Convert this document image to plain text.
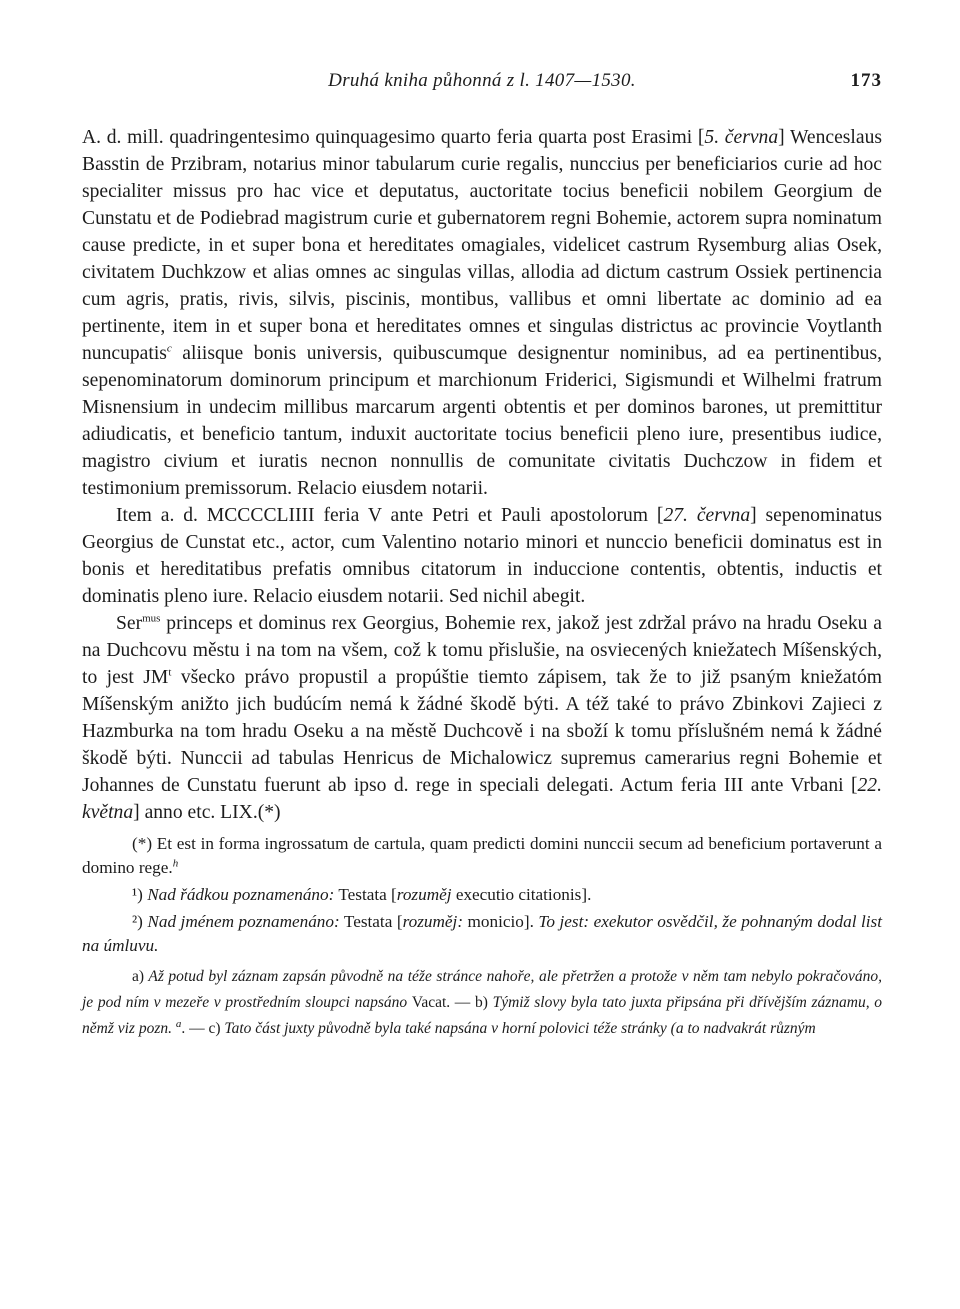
Druhá kniha půhonná z l. 1407—1530.	173

A. d. mill. quadringentesimo quinquagesimo quarto feria quarta post Erasimi [5. června] Wenceslaus Basstin de Przibram, notarius minor tabularum curie regalis, nunccius per beneficiarios curie ad hoc specialiter missus pro hac vice et deputatus, auctoritate tocius beneficii nobilem Georgium de Cunstatu et de Podiebrad magistrum curie et gubernatorem regni Bohemie, actorem supra nominatum cause predicte, in et super bona et hereditates omagiales, videlicet castrum Rysemburg alias Osek, civitatem Duchkzow et alias omnes ac singulas villas, allodia ad dictum castrum Ossiek pertinencia cum agris, pratis, rivis, silvis, piscinis, montibus, vallibus et omni libertate ac dominio ad ea pertinente, item in et super bona et hereditates omnes et singulas districtus ac provincie Voytlanth nuncupatis$^c$ aliisque bonis universis, quibuscumque designentur nominibus, ad ea pertinentibus, sepenominatorum dominorum principum et marchionum Friderici, Sigismundi et Wilhelmi fratrum Misnensium in undecim millibus marcarum argenti obtentis et per dominos barones, ut premittitur adiudicatis, et beneficio tantum, induxit auctoritate tocius beneficii pleno iure, presentibus iudice, magistro civium et iuratis necnon nonnullis de comunitate civitatis Duchczow in fidem et testimonium premissorum. Relacio eiusdem notarii.

Item a. d. MCCCCLIIII feria V ante Petri et Pauli apostolorum [27. června] sepenominatus Georgius de Cunstat etc., actor, cum Valentino notario minori et nunccio beneficii dominatus est in bonis et hereditatibus prefatis omnibus citatorum in induccione contentis, obtentis, inductis et dominatis pleno iure. Relacio eiusdem notarii. Sed nichil abegit.

Ser$^{mus}$ princeps et dominus rex Georgius, Bohemie rex, jakož jest zdržal právo na hradu Oseku a na Duchcovu městu i na tom na všem, což k tomu přislušie, na osviecených kniežatech Míšenských, to jest $JM^t$ všecko právo propustil a propúštie tiemto zápisem, tak že to již psaným kniežatóm Míšenským anižto jich budúcím nemá k žádné škodě býti. A též také to právo Zbinkovi Zajieci z Hazmburka na tom hradu Oseku a na městě Duchcově i na sboží k tomu příslušném nemá k žádné škodě býti. Nunccii ad tabulas Henricus de Michalowicz supremus camerarius regni Bohemie et Johannes de Cunstatu fuerunt ab ipso d. rege in speciali delegati. Actum feria III ante Vrbani [22. května] anno etc. LIX.(*)

(*) Et est in forma ingrossatum de cartula, quam predicti domini nunccii secum ad beneficium portaverunt a domino rege.$^h$

¹) Nad řádkou poznamenáno: Testata [rozuměj executio citationis].

²) Nad jménem poznamenáno: Testata [rozuměj: monicio]. To jest: exekutor osvědčil, že pohnaným dodal list na úmluvu.

a) Až potud byl záznam zapsán původně na téže stránce nahoře, ale přetržen a protože v něm tam nebylo pokračováno, je pod ním v mezeře v prostředním sloupci napsáno Vacat. — b) Týmiž slovy byla tato juxta připsána při dřívějším záznamu, o němž viz pozn. $^a$. — c) Tato část juxty původně byla také napsána v horní polovici téže stránky (a to nadvakrát různým
